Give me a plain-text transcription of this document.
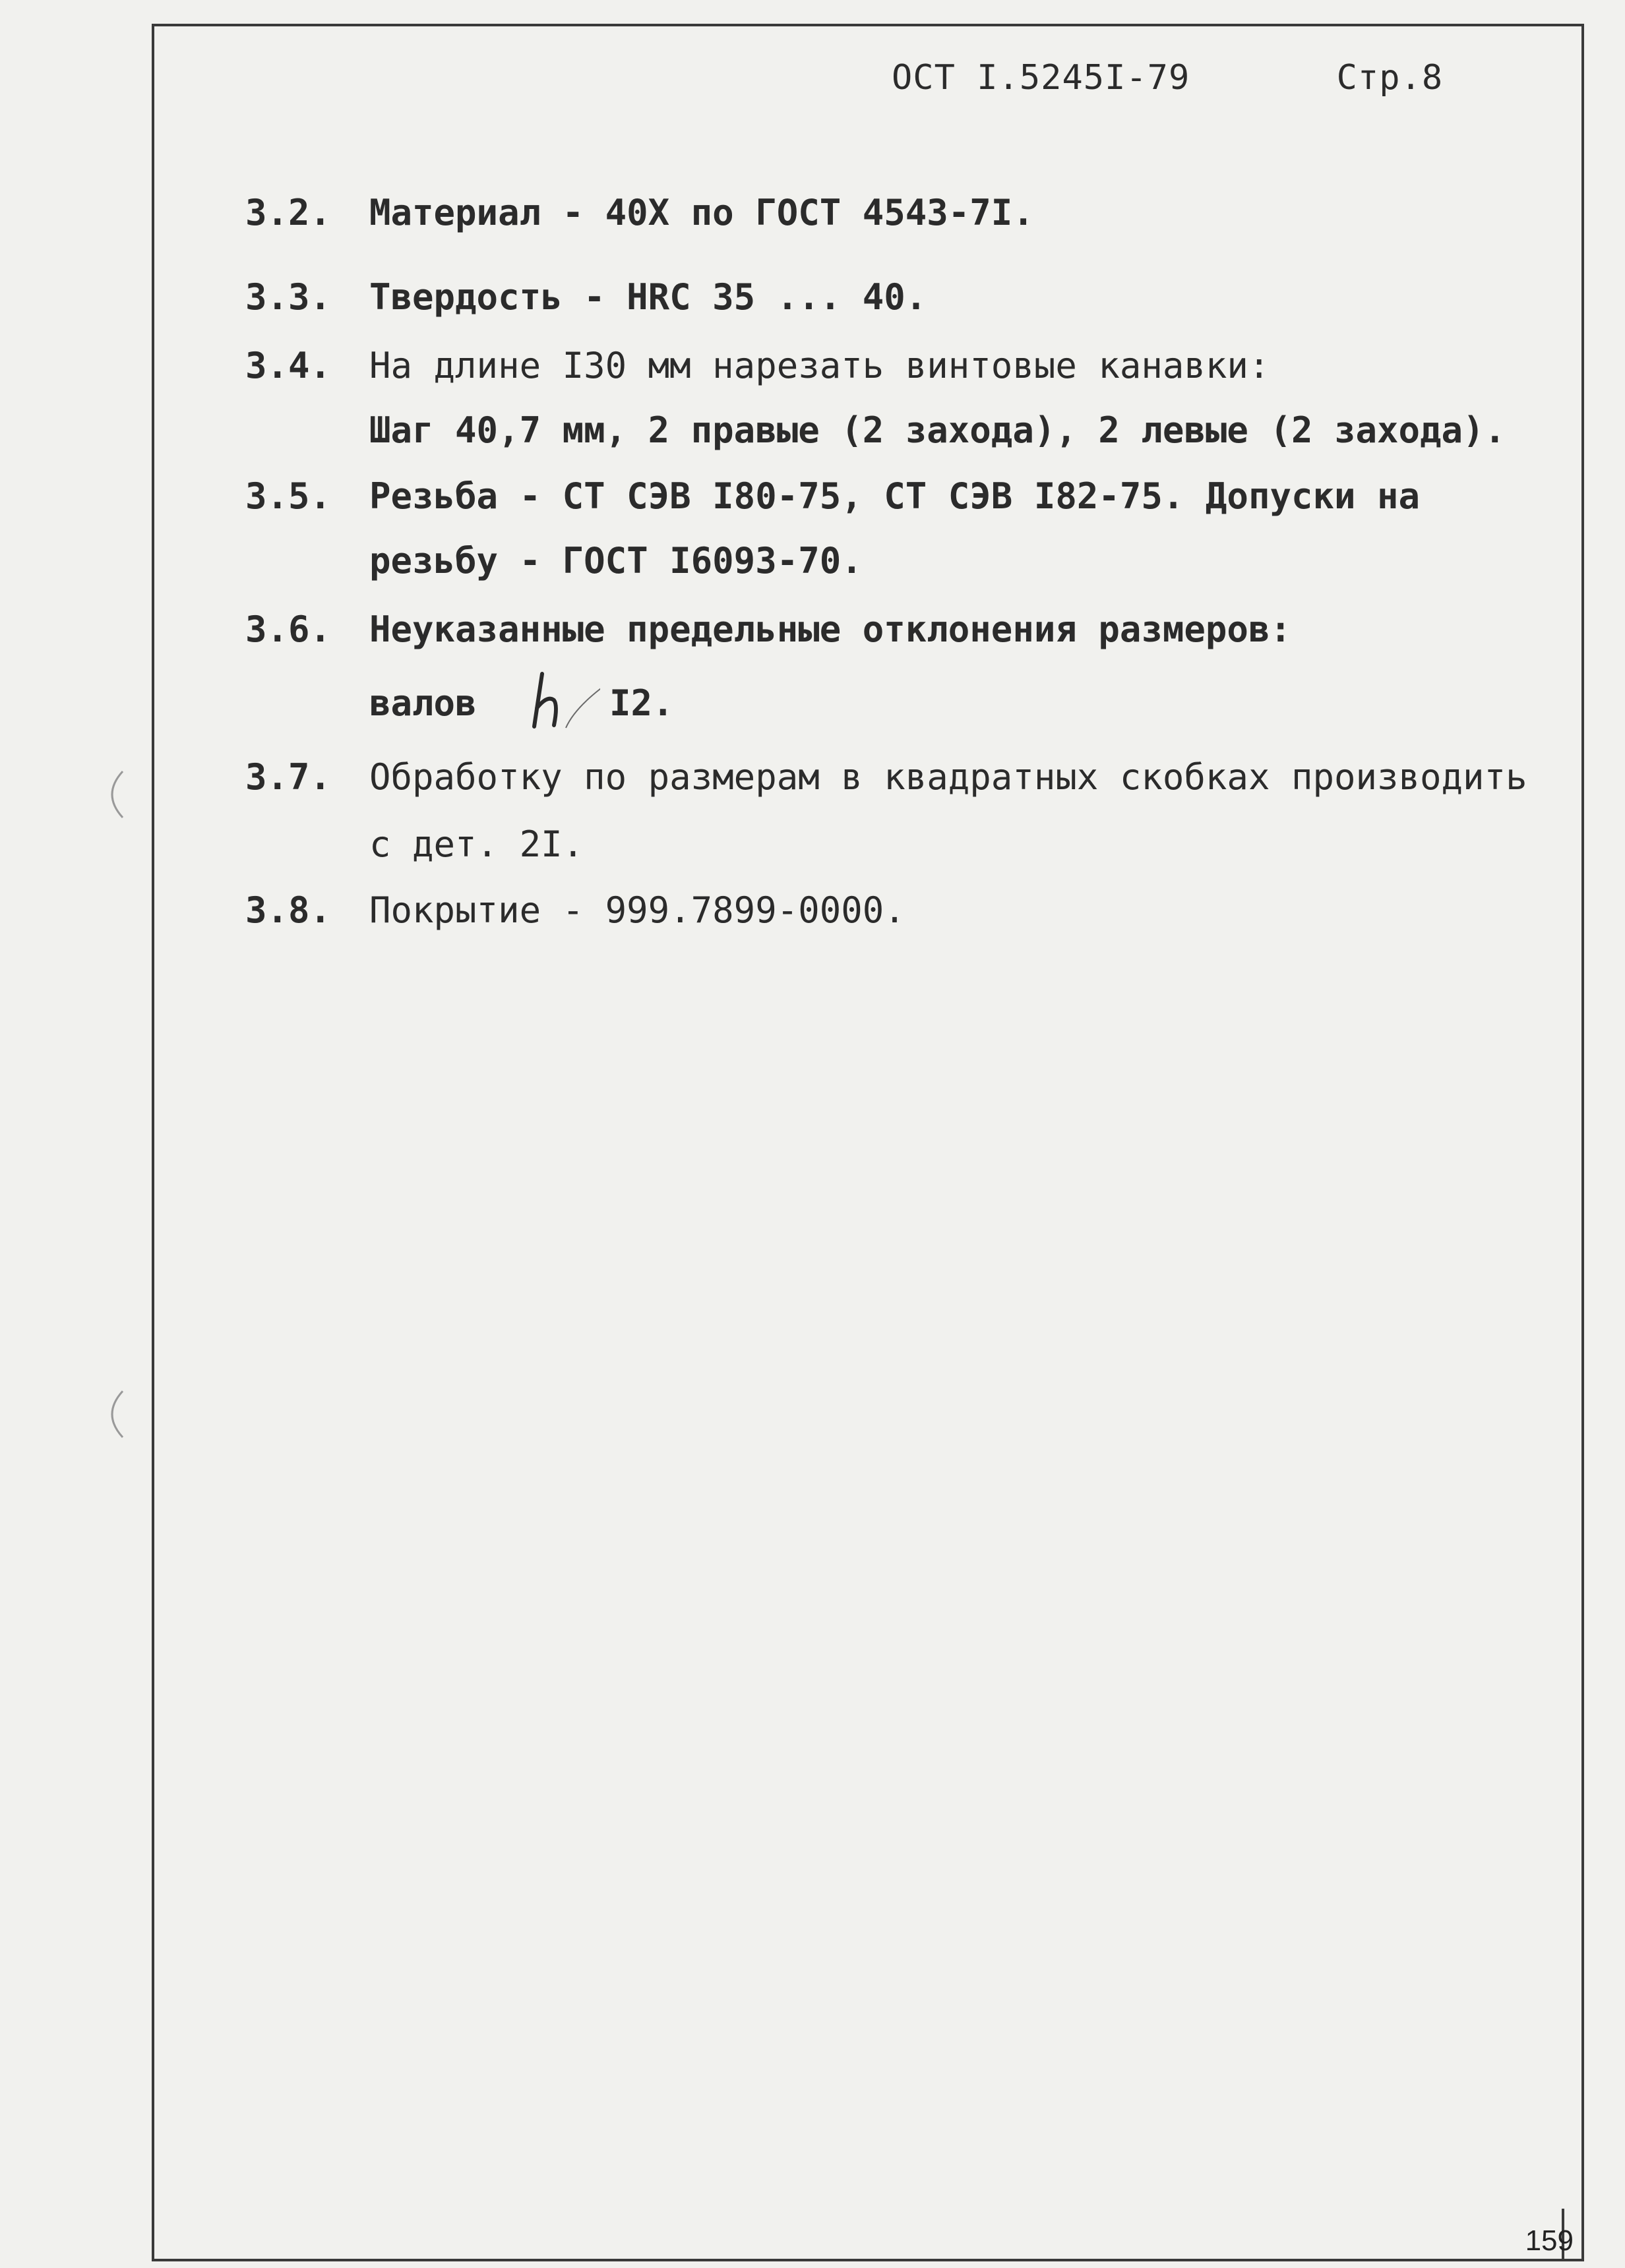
ОСТ I.5245I-79	Стр.8
3.2. Материал - 40Х по ГОСТ 4543-7I.
3.3. Твердость - HRC 35 ... 40.
3.4. На длине I30 мм нарезать винтовые канавки:
Шаг 40,7 мм, 2 правые (2 захода), 2 левые (2 захода).
3.5. Резьба - СТ СЭВ I80-75, СТ СЭВ I82-75. Допуски на
резьбу - ГОСТ I6093-70.
3.6. Неуказанные предельные отклонения размеров:
валов	I2.
3.7. Обработку по размерам в квадратных скобках производить
с дет. 2I.
3.8. Покрытие - 999.7899-0000.
159
